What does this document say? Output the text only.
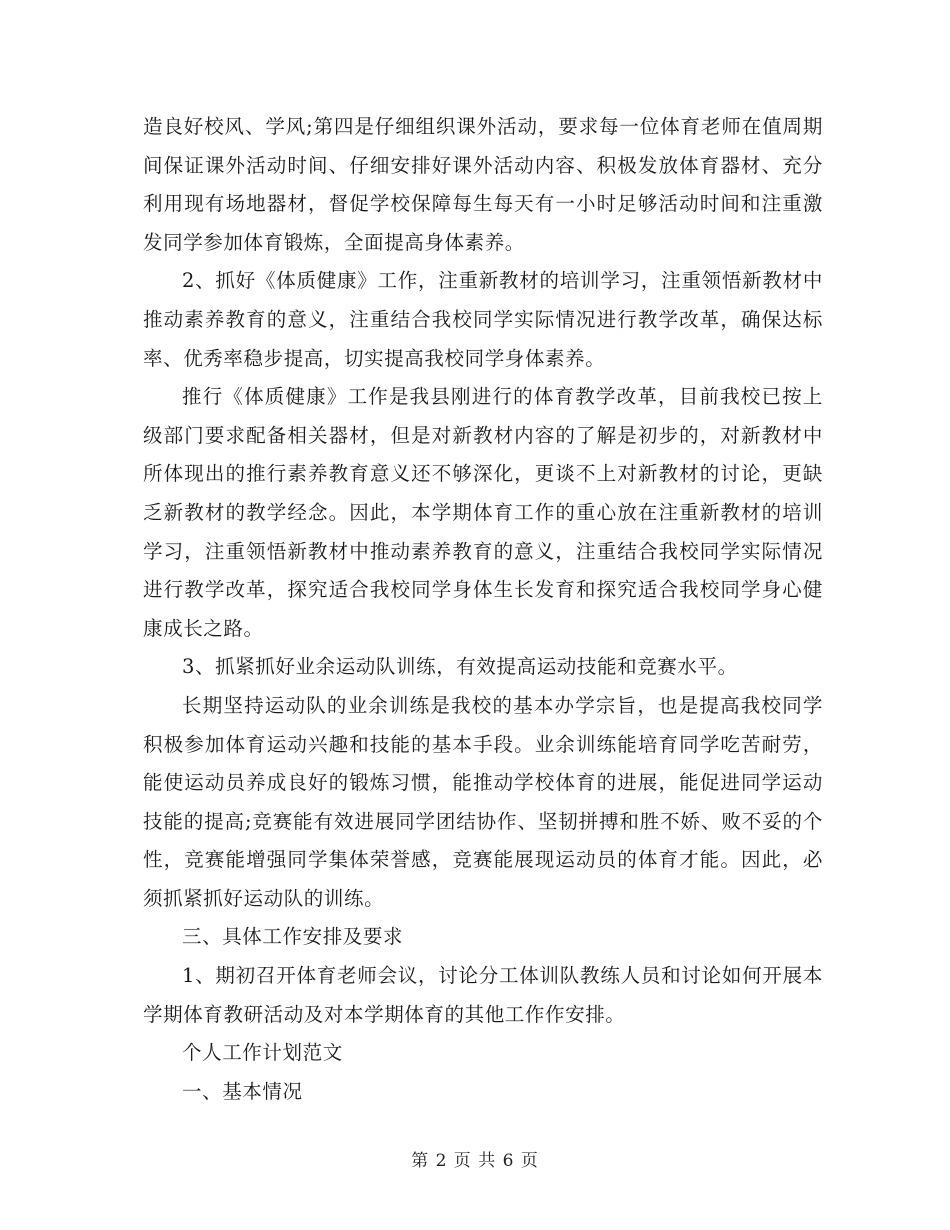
造良好校风、学风;第四是仔细组织课外活动，要求每一位体育老师在值周期间保证课外活动时间、仔细安排好课外活动内容、积极发放体育器材、充分利用现有场地器材，督促学校保障每生每天有一小时足够活动时间和注重激发同学参加体育锻炼，全面提高身体素养。

2、抓好《体质健康》工作，注重新教材的培训学习，注重领悟新教材中推动素养教育的意义，注重结合我校同学实际情况进行教学改革，确保达标率、优秀率稳步提高，切实提高我校同学身体素养。

推行《体质健康》工作是我县刚进行的体育教学改革，目前我校已按上级部门要求配备相关器材，但是对新教材内容的了解是初步的，对新教材中所体现出的推行素养教育意义还不够深化，更谈不上对新教材的讨论，更缺乏新教材的教学经念。因此，本学期体育工作的重心放在注重新教材的培训学习，注重领悟新教材中推动素养教育的意义，注重结合我校同学实际情况进行教学改革，探究适合我校同学身体生长发育和探究适合我校同学身心健康成长之路。

3、抓紧抓好业余运动队训练，有效提高运动技能和竞赛水平。

长期坚持运动队的业余训练是我校的基本办学宗旨，也是提高我校同学积极参加体育运动兴趣和技能的基本手段。业余训练能培育同学吃苦耐劳，能使运动员养成良好的锻炼习惯，能推动学校体育的进展，能促进同学运动技能的提高;竞赛能有效进展同学团结协作、坚韧拼搏和胜不娇、败不妥的个性，竞赛能增强同学集体荣誉感，竞赛能展现运动员的体育才能。因此，必须抓紧抓好运动队的训练。

三、具体工作安排及要求

1、期初召开体育老师会议，讨论分工体训队教练人员和讨论如何开展本学期体育教研活动及对本学期体育的其他工作作安排。

个人工作计划范文

一、基本情况

第 2 页 共 6 页
